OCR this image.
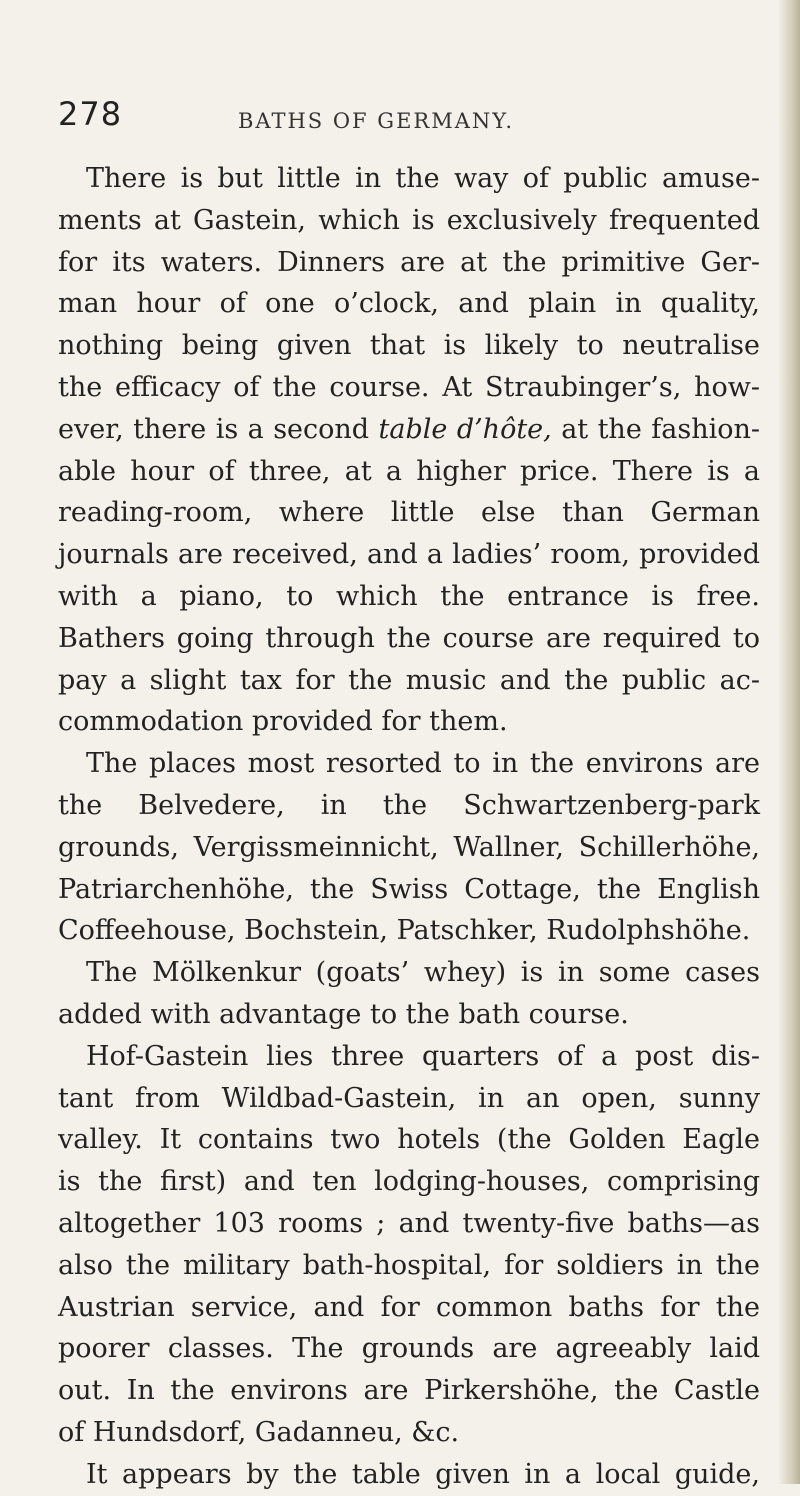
278	BATHS OF GERMANY.
There is but little in the way of public amuse-
ments at Gastein, which is exclusively frequented
for its waters. Dinners are at the primitive Ger-
man hour of one o’clock, and plain in quality,
nothing being given that is likely to neutralise
the efficacy of the course. At Straubinger’s, how-
ever, there is a second table d’hôte, at the fashion-
able hour of three, at a higher price. There is a
reading-room, where little else than German
journals are received, and a ladies’ room, provided
with a piano, to which the entrance is free.
Bathers going through the course are required to
pay a slight tax for the music and the public ac-
commodation provided for them.
The places most resorted to in the environs are
the Belvedere, in the Schwartzenberg-park
grounds, Vergissmeinnicht, Wallner, Schillerhöhe,
Patriarchenhöhe, the Swiss Cottage, the English
Coffeehouse, Bochstein, Patschker, Rudolphshöhe.
The Mölkenkur (goats’ whey) is in some cases
added with advantage to the bath course.
Hof-Gastein lies three quarters of a post dis-
tant from Wildbad-Gastein, in an open, sunny
valley. It contains two hotels (the Golden Eagle
is the first) and ten lodging-houses, comprising
altogether 103 rooms ; and twenty-five baths—as
also the military bath-hospital, for soldiers in the
Austrian service, and for common baths for the
poorer classes. The grounds are agreeably laid
out. In the environs are Pirkershöhe, the Castle
of Hundsdorf, Gadanneu, &c.
It appears by the table given in a local guide,
